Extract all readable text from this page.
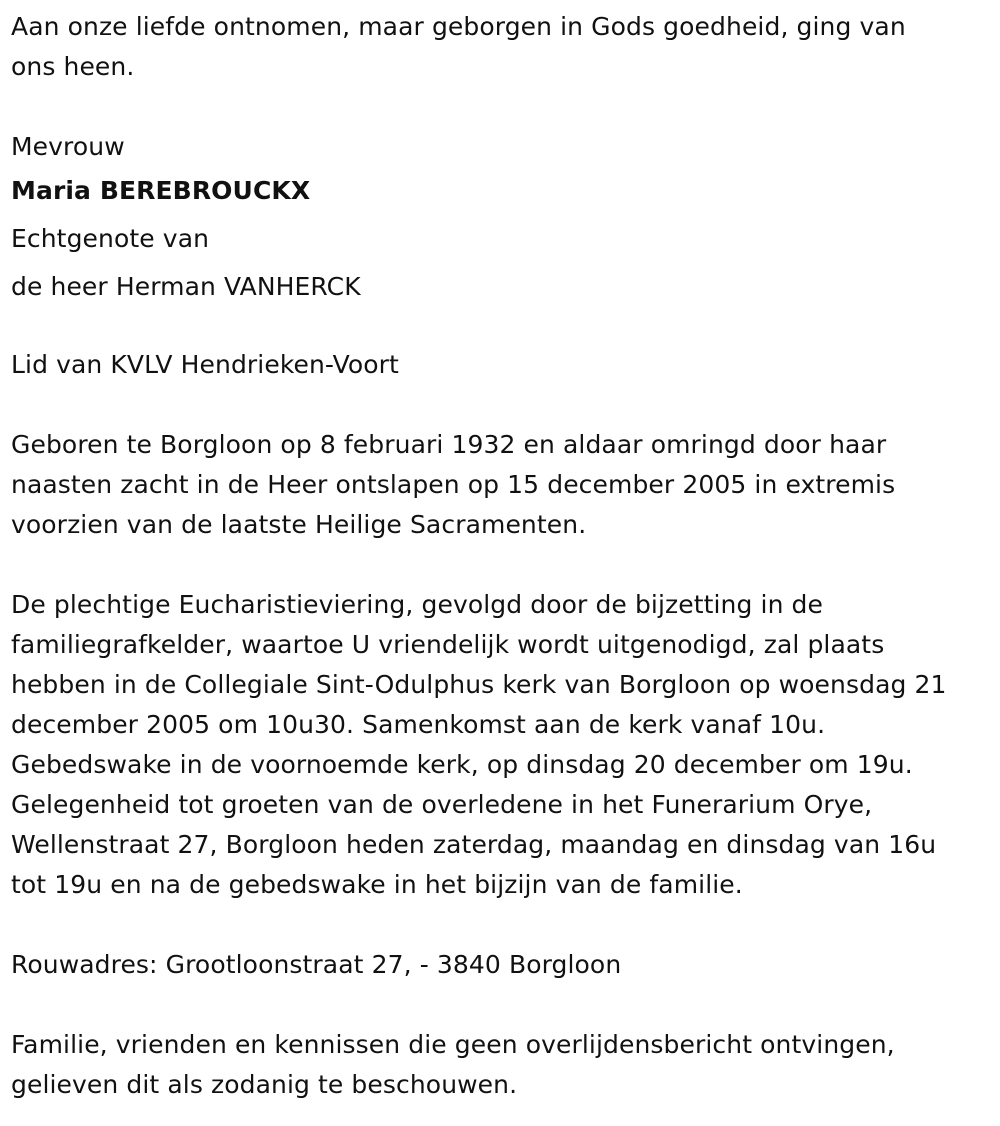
Aan onze liefde ontnomen, maar geborgen in Gods goedheid, ging van
ons heen.

Mevrouw
Maria BEREBROUCKX
Echtgenote van
de heer Herman VANHERCK

Lid van KVLV Hendrieken-Voort

Geboren te Borgloon op 8 februari 1932 en aldaar omringd door haar
naasten zacht in de Heer ontslapen op 15 december 2005 in extremis
voorzien van de laatste Heilige Sacramenten.

De plechtige Eucharistieviering, gevolgd door de bijzetting in de
familiegrafkelder, waartoe U vriendelijk wordt uitgenodigd, zal plaats
hebben in de Collegiale Sint-Odulphus kerk van Borgloon op woensdag 21
december 2005 om 10u30. Samenkomst aan de kerk vanaf 10u.
Gebedswake in de voornoemde kerk, op dinsdag 20 december om 19u.
Gelegenheid tot groeten van de overledene in het Funerarium Orye,
Wellenstraat 27, Borgloon heden zaterdag, maandag en dinsdag van 16u
tot 19u en na de gebedswake in het bijzijn van de familie.

Rouwadres: Grootloonstraat 27, - 3840 Borgloon

Familie, vrienden en kennissen die geen overlijdensbericht ontvingen,
gelieven dit als zodanig te beschouwen.
